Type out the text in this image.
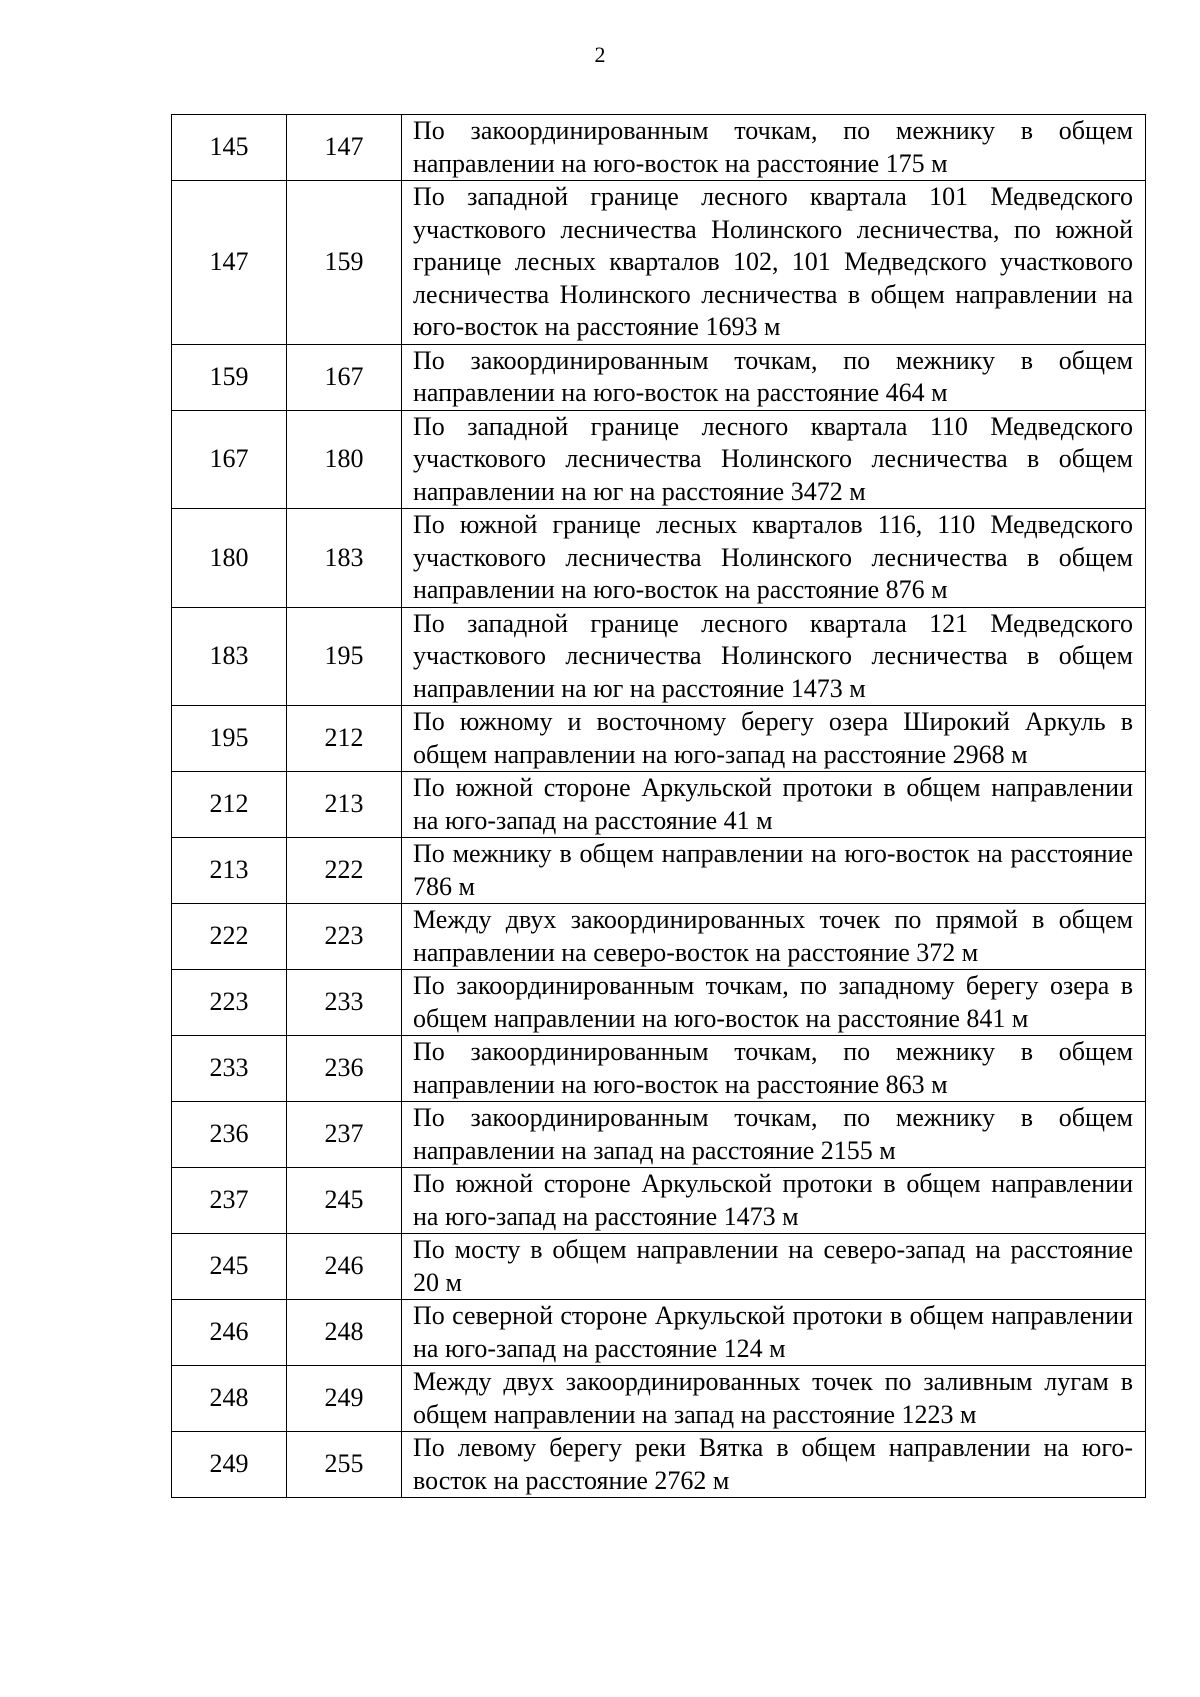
2
145	147	По закоординированным точкам, по межнику в общем направлении на юго-восток на расстояние 175 м
147	159	По западной границе лесного квартала 101 Медведского участкового лесничества Нолинского лесничества, по южной границе лесных кварталов 102, 101 Медведского участкового лесничества Нолинского лесничества в общем направлении на юго-восток на расстояние 1693 м
159	167	По закоординированным точкам, по межнику в общем направлении на юго-восток на расстояние 464 м
167	180	По западной границе лесного квартала 110 Медведского участкового лесничества Нолинского лесничества в общем направлении на юг на расстояние 3472 м
180	183	По южной границе лесных кварталов 116, 110 Медведского участкового лесничества Нолинского лесничества в общем направлении на юго-восток на расстояние 876 м
183	195	По западной границе лесного квартала 121 Медведского участкового лесничества Нолинского лесничества в общем направлении на юг на расстояние 1473 м
195	212	По южному и восточному берегу озера Широкий Аркуль в общем направлении на юго-запад на расстояние 2968 м
212	213	По южной стороне Аркульской протоки в общем направлении на юго-запад на расстояние 41 м
213	222	По межнику в общем направлении на юго-восток на расстояние 786 м
222	223	Между двух закоординированных точек по прямой в общем направлении на северо-восток на расстояние 372 м
223	233	По закоординированным точкам, по западному берегу озера в общем направлении на юго-восток на расстояние 841 м
233	236	По закоординированным точкам, по межнику в общем направлении на юго-восток на расстояние 863 м
236	237	По закоординированным точкам, по межнику в общем направлении на запад на расстояние 2155 м
237	245	По южной стороне Аркульской протоки в общем направлении на юго-запад на расстояние 1473 м
245	246	По мосту в общем направлении на северо-запад на расстояние 20 м
246	248	По северной стороне Аркульской протоки в общем направлении на юго-запад на расстояние 124 м
248	249	Между двух закоординированных точек по заливным лугам в общем направлении на запад на расстояние 1223 м
249	255	По левому берегу реки Вятка в общем направлении на юго-восток на расстояние 2762 м
